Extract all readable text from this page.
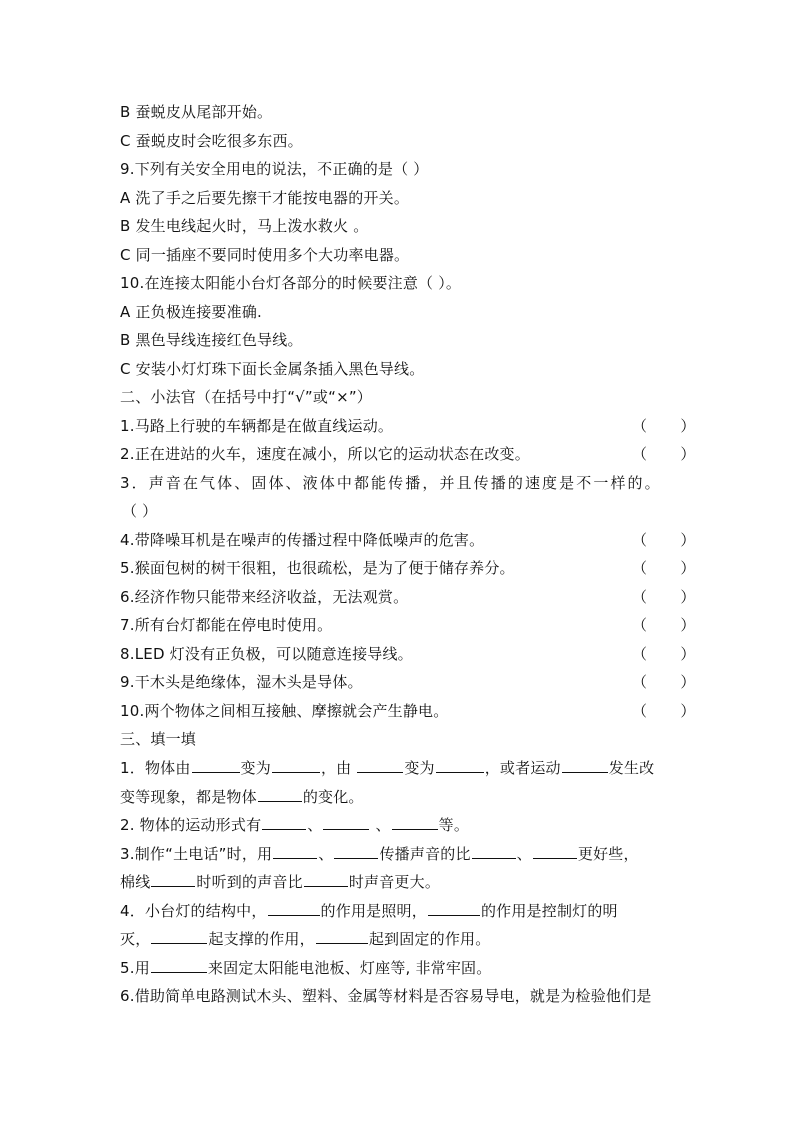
B 蚕蜕皮从尾部开始。
C 蚕蜕皮时会吃很多东西。
9.下列有关安全用电的说法，不正确的是（ ）
A 洗了手之后要先擦干才能按电器的开关。
B 发生电线起火时，马上泼水救火 。
C 同一插座不要同时使用多个大功率电器。
10.在连接太阳能小台灯各部分的时候要注意（ ）。
A 正负极连接要准确.
B 黑色导线连接红色导线。
C 安装小灯灯珠下面长金属条插入黑色导线。
二、小法官（在括号中打“√”或“×”）
1.马路上行驶的车辆都是在做直线运动。	（       ）
2.正在进站的火车，速度在减小，所以它的运动状态在改变。	（       ）
3．声音在气体、固体、液体中都能传播，并且传播的速度是不一样的。
（ ）
4.带降噪耳机是在噪声的传播过程中降低噪声的危害。	（       ）
5.猴面包树的树干很粗，也很疏松，是为了便于储存养分。	（       ）
6.经济作物只能带来经济收益，无法观赏。	（       ）
7.所有台灯都能在停电时使用。	（       ）
8.LED 灯没有正负极，可以随意连接导线。	（       ）
9.干木头是绝缘体，湿木头是导体。	（       ）
10.两个物体之间相互接触、摩擦就会产生静电。	（       ）
三、填一填
1．物体由	变为	，由	变为	，或者运动	发生改
变等现象，都是物体	的变化。
2. 物体的运动形式有	、	、	等。
3.制作“土电话”时，用	、	传播声音的比	、	更好些，
棉线	时听到的声音比	时声音更大。
4．小台灯的结构中，	的作用是照明，	的作用是控制灯的明
灭，	起支撑的作用，	起到固定的作用。
5.用	来固定太阳能电池板、灯座等, 非常牢固。
6.借助简单电路测试木头、塑料、金属等材料是否容易导电，就是为检验他们是
